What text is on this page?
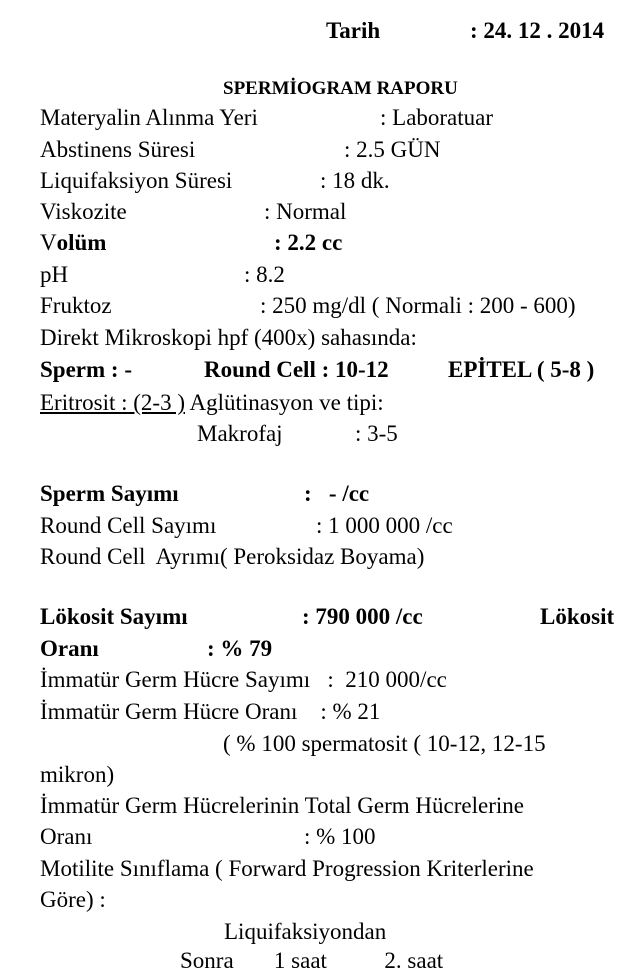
Tarih	: 24. 12 . 2014
SPERMİOGRAM RAPORU
Materyalin Alınma Yeri	: Laboratuar
Abstinens Süresi	: 2.5 GÜN
Liquifaksiyon Süresi	: 18 dk.
Viskozite	: Normal
Volüm	: 2.2 cc
pH	: 8.2
Fruktoz	: 250 mg/dl ( Normali : 200 - 600)
Direkt Mikroskopi hpf (400x) sahasında:
Sperm : -	Round Cell : 10-12	EPİTEL ( 5-8 )
Eritrosit : (2-3 ) Aglütinasyon ve tipi:
Makrofaj	: 3-5
Sperm Sayımı	:   - /cc
Round Cell Sayımı	: 1 000 000 /cc
Round Cell  Ayrımı( Peroksidaz Boyama)
Lökosit Sayımı	: 790 000 /cc	Lökosit
Oranı	: % 79
İmmatür Germ Hücre Sayımı   :  210 000/cc
İmmatür Germ Hücre Oranı    : % 21
( % 100 spermatosit ( 10-12, 12-15
mikron)
İmmatür Germ Hücrelerinin Total Germ Hücrelerine
Oranı	: % 100
Motilite Sınıflama ( Forward Progression Kriterlerine
Göre) :
Liquifaksiyondan
Sonra       1 saat          2. saat
